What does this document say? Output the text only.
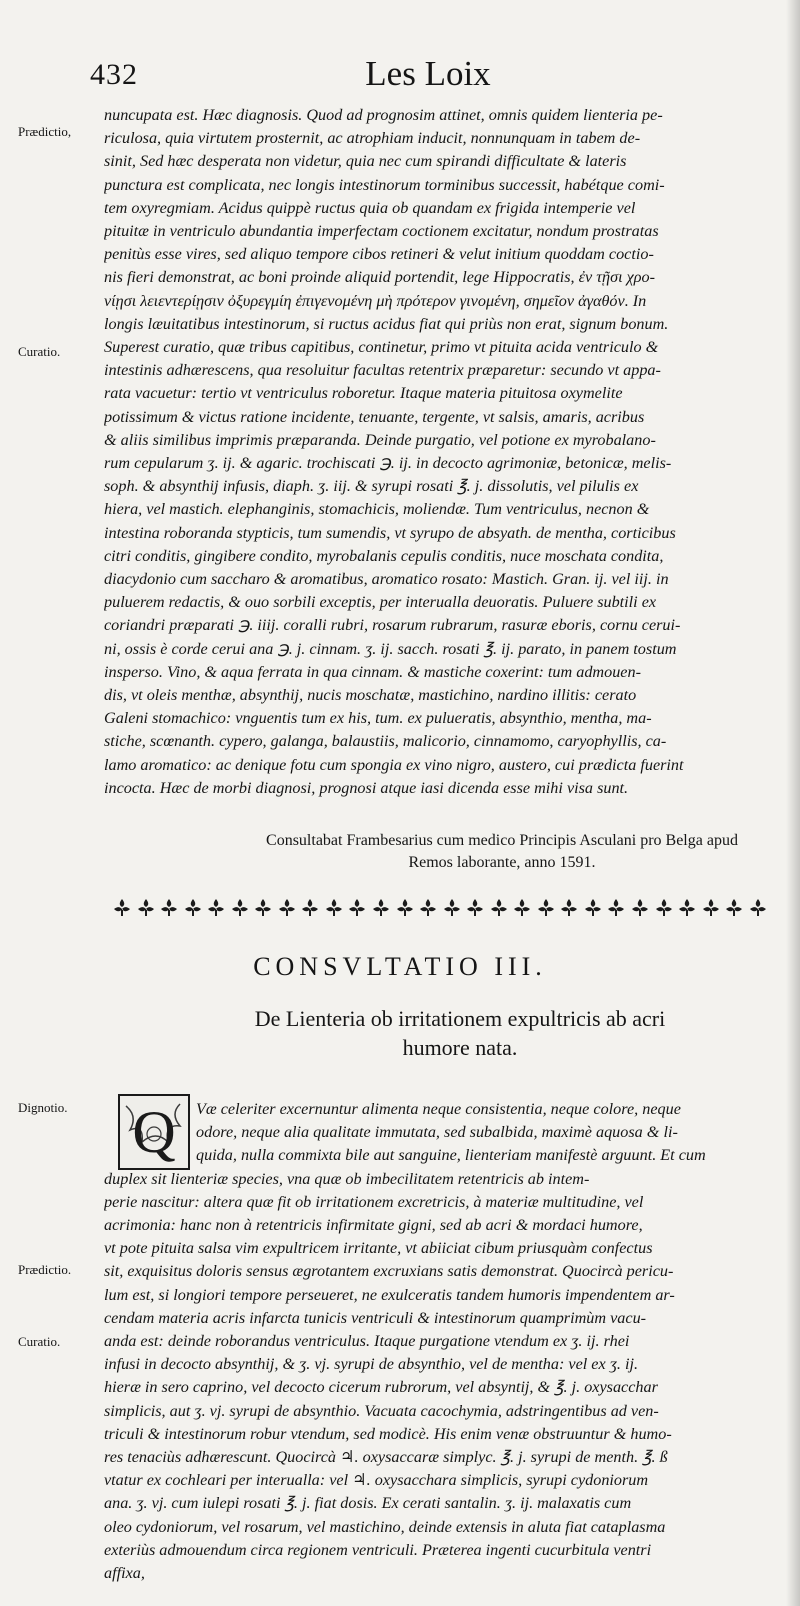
432	Les Loix
Prædictio,
Curatio.
nuncupata est. Hæc diagnosis. Quod ad prognosim attinet, omnis quidem lienteria pe-
riculosa, quia virtutem prosternit, ac atrophiam inducit, nonnunquam in tabem de-
sinit, Sed hæc desperata non videtur, quia nec cum spirandi difficultate & lateris
punctura est complicata, nec longis intestinorum torminibus successit, habétque comi-
tem oxyregmiam. Acidus quippè ructus quia ob quandam ex frigida intemperie vel
pituitæ in ventriculo abundantia imperfectam coctionem excitatur, nondum prostratas
penitùs esse vires, sed aliquo tempore cibos retineri & velut initium quoddam coctio-
nis fieri demonstrat, ac boni proinde aliquid portendit, lege Hippocratis, ἐν τῇσι χρο-
νίῃσι λειεντερίῃσιν ὀξυρεγμίη ἐπιγενομένη μὴ πρότερον γινομένη, σημεῖον ἀγαθόν. In
longis læuitatibus intestinorum, si ructus acidus fiat qui priùs non erat, signum bonum.
Superest curatio, quæ tribus capitibus, continetur, primo vt pituita acida ventriculo &
intestinis adhærescens, qua resoluitur facultas retentrix præparetur: secundo vt appa-
rata vacuetur: tertio vt ventriculus roboretur. Itaque materia pituitosa oxymelite
potissimum & victus ratione incidente, tenuante, tergente, vt salsis, amaris, acribus
& aliis similibus imprimis præparanda. Deinde purgatio, vel potione ex myrobalano-
rum cepularum ʒ. ij. & agaric. trochiscati ℈. ij. in decocto agrimoniæ, betonicæ, melis-
soph. & absynthij infusis, diaph. ʒ. iij. & syrupi rosati ℥. j. dissolutis, vel pilulis ex
hiera, vel mastich. elephanginis, stomachicis, moliendæ. Tum ventriculus, necnon &
intestina roboranda stypticis, tum sumendis, vt syrupo de absyath. de mentha, corticibus
citri conditis, gingibere condito, myrobalanis cepulis conditis, nuce moschata condita,
diacydonio cum saccharo & aromatibus, aromatico rosato: Mastich. Gran. ij. vel iij. in
puluerem redactis, & ouo sorbili exceptis, per interualla deuoratis. Puluere subtili ex
coriandri præparati ℈. iiij. coralli rubri, rosarum rubrarum, rasuræ eboris, cornu cerui-
ni, ossis è corde cerui ana ℈. j. cinnam. ʒ. ij. sacch. rosati ℥. ij. parato, in panem tostum
insperso. Vino, & aqua ferrata in qua cinnam. & mastiche coxerint: tum admouen-
dis, vt oleis menthæ, absynthij, nucis moschatæ, mastichino, nardino illitis: cerato
Galeni stomachico: vnguentis tum ex his, tum. ex pulueratis, absynthio, mentha, ma-
stiche, scœnanth. cypero, galanga, balaustiis, malicorio, cinnamomo, caryophyllis, ca-
lamo aromatico: ac denique fotu cum spongia ex vino nigro, austero, cui prædicta fuerint
incocta. Hæc de morbi diagnosi, prognosi atque iasi dicenda esse mihi visa sunt.
Consultabat Frambesarius cum medico Principis Asculani pro Belga apud
Remos laborante, anno 1591.
CONSVLTATIO III.
De Lienteria ob irritationem expultricis ab acri
humore nata.
Dignotio.
Prædictio.
Curatio.
Q	Væ celeriter excernuntur alimenta neque consistentia, neque colore, neque
odore, neque alia qualitate immutata, sed subalbida, maximè aquosa & li-
quida, nulla commixta bile aut sanguine, lienteriam manifestè arguunt. Et cum
duplex sit lienteriæ species, vna quæ ob imbecilitatem retentricis ab intem-
perie nascitur: altera quæ fit ob irritationem excretricis, à materiæ multitudine, vel
acrimonia: hanc non à retentricis infirmitate gigni, sed ab acri & mordaci humore,
vt pote pituita salsa vim expultricem irritante, vt abiiciat cibum priusquàm confectus
sit, exquisitus doloris sensus ægrotantem excruxians satis demonstrat. Quocircà pericu-
lum est, si longiori tempore perseueret, ne exulceratis tandem humoris impendentem ar-
cendam materia acris infarcta tunicis ventriculi & intestinorum quamprimùm vacu-
anda est: deinde roborandus ventriculus. Itaque purgatione vtendum ex ʒ. ij. rhei
infusi in decocto absynthij, & ʒ. vj. syrupi de absynthio, vel de mentha: vel ex ʒ. ij.
hieræ in sero caprino, vel decocto cicerum rubrorum, vel absyntij, & ℥. j. oxysacchar
simplicis, aut ʒ. vj. syrupi de absynthio. Vacuata cacochymia, adstringentibus ad ven-
triculi & intestinorum robur vtendum, sed modicè. His enim venæ obstruuntur & humo-
res tenaciùs adhærescunt. Quocircà ♃. oxysaccaræ simplyc. ℥. j. syrupi de menth. ℥. ß
vtatur ex cochleari per interualla: vel ♃. oxysacchara simplicis, syrupi cydoniorum
ana. ʒ. vj. cum iulepi rosati ℥. j. fiat dosis. Ex cerati santalin. ʒ. ij. malaxatis cum
oleo cydoniorum, vel rosarum, vel mastichino, deinde extensis in aluta fiat cataplasma
exteriùs admouendum circa regionem ventriculi. Præterea ingenti cucurbitula ventri
affixa,
